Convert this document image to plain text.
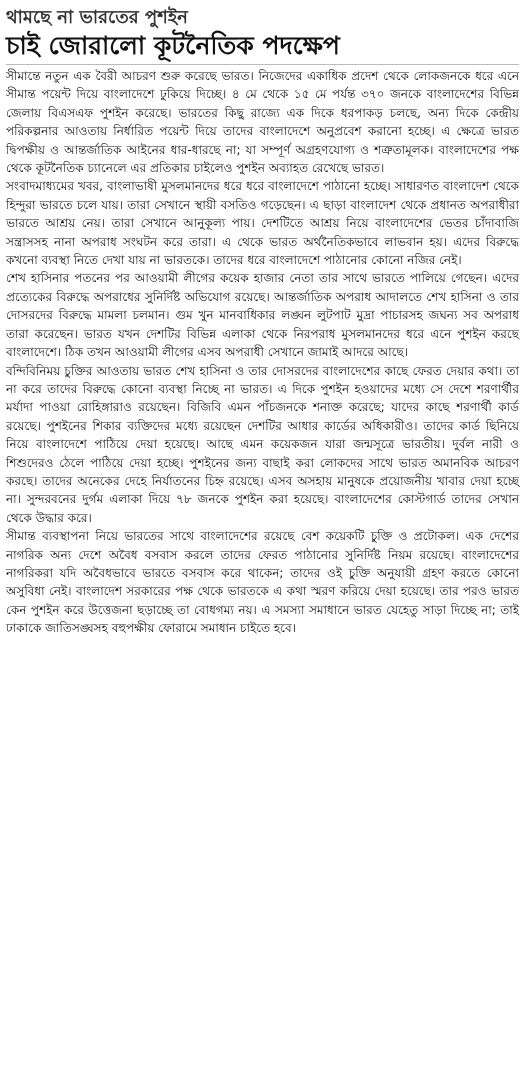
থামছে না ভারতের পুশইন
চাই জোরালো কূটনৈতিক পদক্ষেপ

সীমান্তে নতুন এক বৈরী আচরণ শুরু করেছে ভারত। নিজেদের একাধিক প্রদেশ থেকে লোকজনকে ধরে এনে সীমান্ত পয়েন্ট দিয়ে বাংলাদেশে ঢুকিয়ে দিচ্ছে। ৪ মে থেকে ১৫ মে পর্যন্ত ৩৭০ জনকে বাংলাদেশের বিভিন্ন জেলায় বিএসএফ পুশইন করেছে। ভারতের কিছু রাজ্যে এক দিকে ধরপাকড় চলছে, অন্য দিকে কেন্দ্রীয় পরিকল্পনার আওতায় নির্ধারিত পয়েন্ট দিয়ে তাদের বাংলাদেশে অনুপ্রবেশ করানো হচ্ছে। এ ক্ষেত্রে ভারত দ্বিপক্ষীয় ও আন্তর্জাতিক আইনের ধার-ধারছে না; যা সম্পূর্ণ অগ্রহণযোগ্য ও শত্রুতামূলক। বাংলাদেশের পক্ষ থেকে কূটনৈতিক চ্যানেলে এর প্রতিকার চাইলেও পুশইন অব্যাহত রেখেছে ভারত।

সংবাদমাধ্যমের খবর, বাংলাভাষী মুসলমানদের ধরে ধরে বাংলাদেশে পাঠানো হচ্ছে। সাধারণত বাংলাদেশ থেকে হিন্দুরা ভারতে চলে যায়। তারা সেখানে স্থায়ী বসতিও গড়েছেন। এ ছাড়া বাংলাদেশ থেকে প্রধানত অপরাধীরা ভারতে আশ্রয় নেয়। তারা সেখানে আনুকূল্য পায়। দেশটিতে আশ্রয় নিয়ে বাংলাদেশের ভেতর চাঁদাবাজি সন্ত্রাসসহ নানা অপরাধ সংঘটন করে তারা। এ থেকে ভারত অর্থনৈতিকভাবে লাভবান হয়। এদের বিরুদ্ধে কখনো ব্যবস্থা নিতে দেখা যায় না ভারতকে। তাদের ধরে বাংলাদেশে পাঠানোর কোনো নজির নেই।

শেখ হাসিনার পতনের পর আওয়ামী লীগের কয়েক হাজার নেতা তার সাথে ভারতে পালিয়ে গেছেন। এদের প্রত্যেকের বিরুদ্ধে অপরাধের সুনির্দিষ্ট অভিযোগ রয়েছে। আন্তর্জাতিক অপরাধ আদালতে শেখ হাসিনা ও তার দোসরদের বিরুদ্ধে মামলা চলমান। গুম খুন মানবাধিকার লঙ্ঘন লুটপাট মুদ্রা পাচারসহ জঘন্য সব অপরাধ তারা করেছেন। ভারত যখন দেশটির বিভিন্ন এলাকা থেকে নিরপরাধ মুসলমানদের ধরে এনে পুশইন করছে বাংলাদেশে। ঠিক তখন আওয়ামী লীগের এসব অপরাধী সেখানে জামাই আদরে আছে।

বন্দিবিনিময় চুক্তির আওতায় ভারত শেখ হাসিনা ও তার দোসরদের বাংলাদেশের কাছে ফেরত দেয়ার কথা। তা না করে তাদের বিরুদ্ধে কোনো ব্যবস্থা নিচ্ছে না ভারত। এ দিকে পুশইন হওয়াদের মধ্যে সে দেশে শরণার্থীর মর্যাদা পাওয়া রোহিঙ্গারাও রয়েছেন। বিজিবি এমন পাঁচজনকে শনাক্ত করেছে; যাদের কাছে শরণার্থী কার্ড রয়েছে। পুশইনের শিকার ব্যক্তিদের মধ্যে রয়েছেন দেশটির আধার কার্ডের অধিকারীও। তাদের কার্ড ছিনিয়ে নিয়ে বাংলাদেশে পাঠিয়ে দেয়া হয়েছে। আছে এমন কয়েকজন যারা জন্মসূত্রে ভারতীয়। দুর্বল নারী ও শিশুদেরও ঠেলে পাঠিয়ে দেয়া হচ্ছে। পুশইনের জন্য বাছাই করা লোকদের সাথে ভারত অমানবিক আচরণ করছে। তাদের অনেকের দেহে নির্যাতনের চিহ্ন রয়েছে। এসব অসহায় মানুষকে প্রয়োজনীয় খাবার দেয়া হচ্ছে না। সুন্দরবনের দুর্গম এলাকা দিয়ে ৭৮ জনকে পুশইন করা হয়েছে। বাংলাদেশের কোস্টগার্ড তাদের সেখান থেকে উদ্ধার করে।

সীমান্ত ব্যবস্থাপনা নিয়ে ভারতের সাথে বাংলাদেশের রয়েছে বেশ কয়েকটি চুক্তি ও প্রটোকল। এক দেশের নাগরিক অন্য দেশে অবৈধ বসবাস করলে তাদের ফেরত পাঠানোর সুনির্দিষ্ট নিয়ম রয়েছে। বাংলাদেশের নাগরিকরা যদি অবৈধভাবে ভারতে বসবাস করে থাকেন; তাদের ওই চুক্তি অনুযায়ী গ্রহণ করতে কোনো অসুবিধা নেই। বাংলাদেশ সরকারের পক্ষ থেকে ভারতকে এ কথা স্মরণ করিয়ে দেয়া হয়েছে। তার পরও ভারত কেন পুশইন করে উত্তেজনা ছড়াচ্ছে তা বোধগম্য নয়। এ সমস্যা সমাধানে ভারত যেহেতু সাড়া দিচ্ছে না; তাই ঢাকাকে জাতিসঙ্ঘসহ বহুপক্ষীয় ফোরামে সমাধান চাইতে হবে।
